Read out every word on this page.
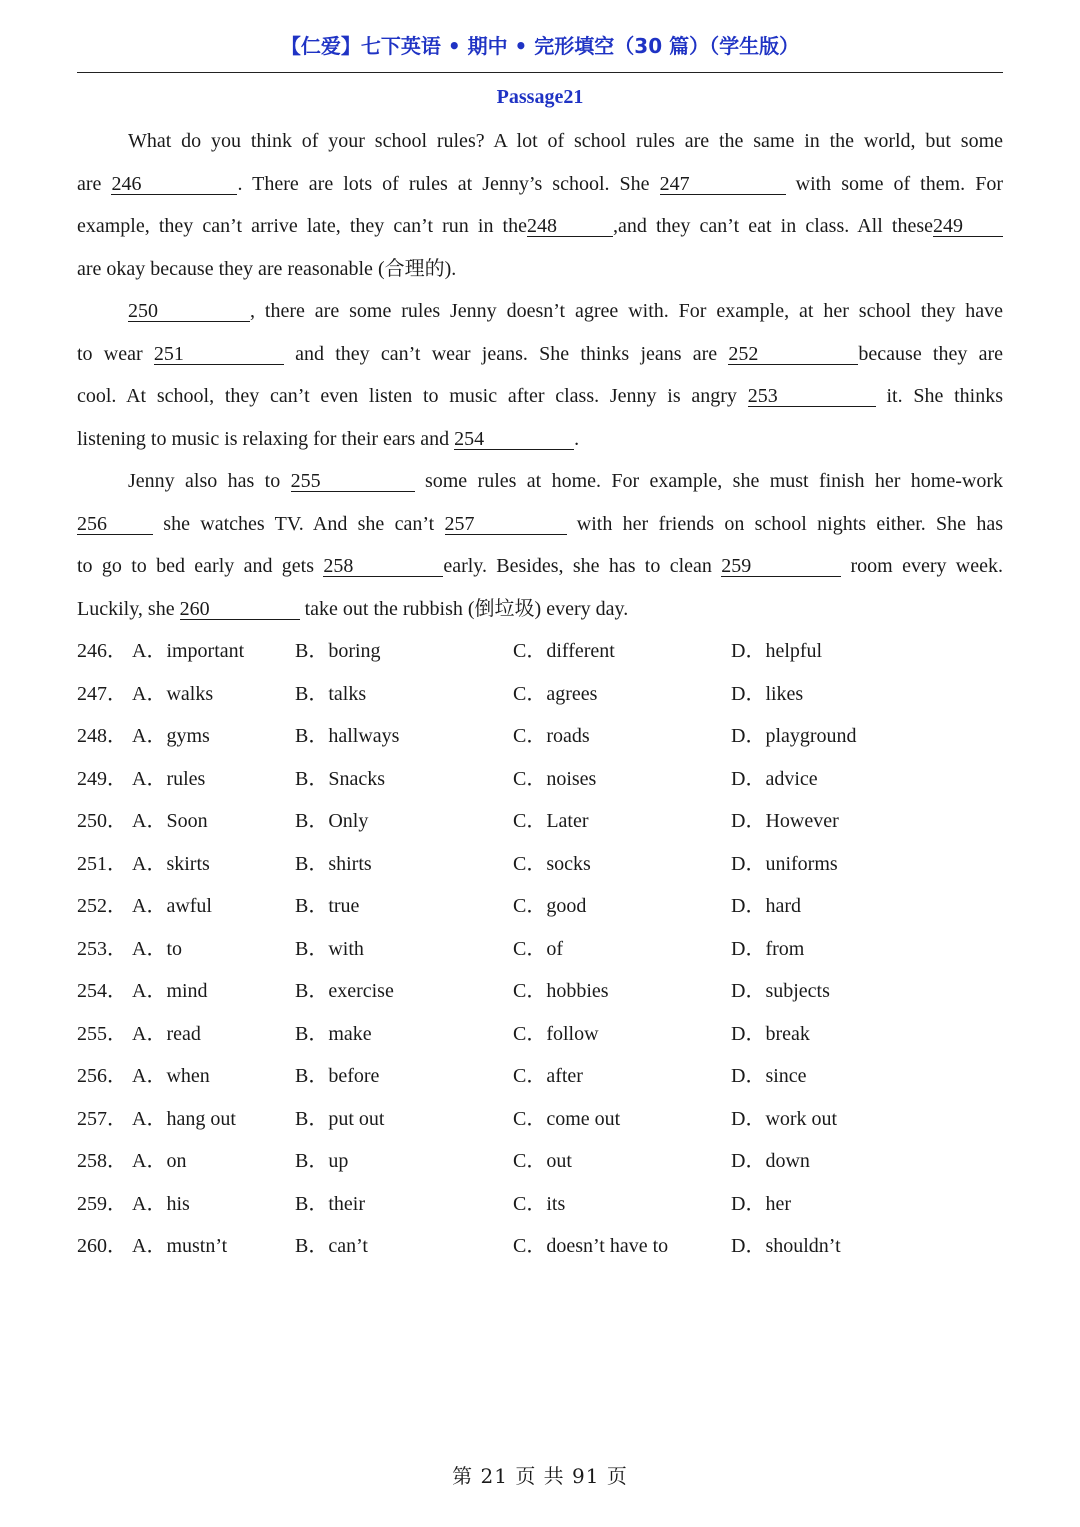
【仁爱】七下英语 • 期中 • 完形填空（30 篇）（学生版）
Passage21
What do you think of your school rules? A lot of school rules are the same in the world, but some
are 246	. There are lots of rules at Jenny’s school. She 247	with some of them. For
example, they can’t arrive late, they can’t run in the248	,and they can’t eat in class. All these249
are okay because they are reasonable (合理的).
250	, there are some rules Jenny doesn’t agree with. For example, at her school they have
to wear 251	and they can’t wear jeans. She thinks jeans are 252	because they are
cool. At school, they can’t even listen to music after class. Jenny is angry 253	it. She thinks
listening to music is relaxing for their ears and 254	.
Jenny also has to 255	some rules at home. For example, she must finish her home-work
256 she watches TV. And she can’t 257	with her friends on school nights either. She has
to go to bed early and gets 258	early. Besides, she has to clean 259	room every week.
Luckily, she 260	take out the rubbish (倒垃圾) every day.
246． A．important	B．boring	C．different	D．helpful
247． A．walks	B．talks	C．agrees	D．likes
248． A．gyms	B．hallways	C．roads	D．playground
249． A．rules	B．Snacks	C．noises	D．advice
250． A．Soon	B．Only	C．Later	D．However
251． A．skirts	B．shirts	C．socks	D．uniforms
252． A．awful	B．true	C．good	D．hard
253． A．to	B．with	C．of	D．from
254． A．mind	B．exercise	C．hobbies	D．subjects
255． A．read	B．make	C．follow	D．break
256． A．when	B．before	C．after	D．since
257． A．hang out	B．put out	C．come out	D．work out
258． A．on	B．up	C．out	D．down
259． A．his	B．their	C．its	D．her
260． A．mustn’t	B．can’t	C．doesn’t have to	D．shouldn’t
第 21 页 共 91 页
